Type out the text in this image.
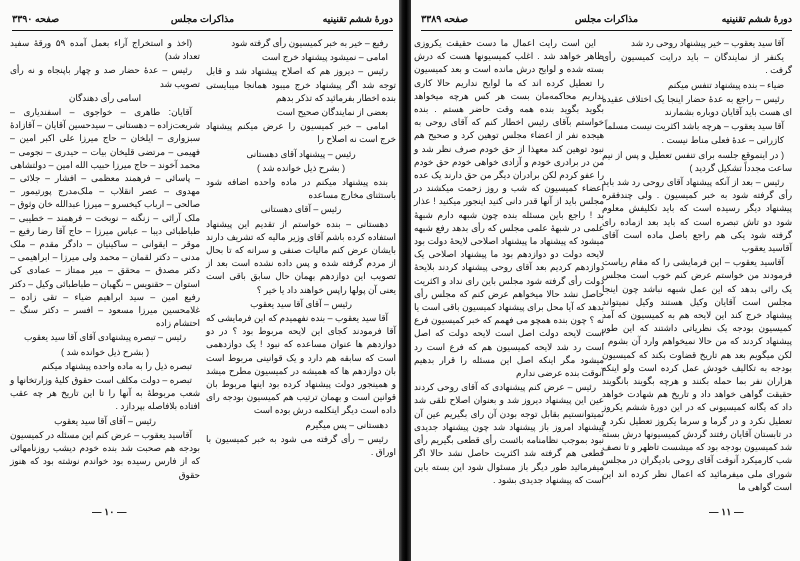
دورهٔ ششم تقنینیه
مذاکرات مجلس
صفحه ۳۳۹۰

رفیع – خیر به خبر کمیسیون رأی گرفته شود

امامی – نمیشود پیشنهاد خرج است

رئیس – دیروز هم که اصلاح پیشنهاد شد و قابل توجه شد اگر پیشنهاد خرج میبود همانجا میبایستی بنده اخطار بفرمائید که تذکر بدهم

بعضی از نمایندگان صحیح است

امامی – خبر کمیسیون را عرض میکنم پیشنهاد خرج است نه اصلاح را

رئیس – پیشنهاد آقای دهستانی

( بشرح ذیل خوانده شد )

بنده پیشنهاد میکنم در ماده واحده اضافه شود باستثنای مخارج مساعده

رئیس – آقای دهستانی

دهستانی – بنده خواستم از تقدیم این پیشنهاد استفاده کرده باشم آقای وزیر مالیه که تشریف دارند بایشان عرض کنم مالیات صنفی و سرانه که تا بحال از مردم گرفته شده و پس داده نشده است بعد از تصویب این دوازدهم بهمان حال سابق باقی است یعنی آن پولها راپس خواهند داد یا خیر ؟

رئیس – آقای آقا سید یعقوب

آقا سید یعقوب – بنده نفهمیدم که این فرمایشی که آقا فرمودند کجای این لایحه مربوط بود ؟ در دو دوازدهم ها عنوان مساعده که نبود ! یک دوازدهمی است که سابقه هم دارد و یک قوانینی مربوط است بان دوازدهم ها که همیشه در کمیسیون مطرح میشد و همینجور دولت پیشنهاد کرده بود اینها مربوط بان قوانین است و بهمان ترتیب هم کمیسیون بودجه رای داده است دیگر اینکلمه درش بوده است

دهستانی – پس میگیرم

رئیس – رأی گرفته می شود به خبر کمیسیون با اوراق .

(اخذ و استخراج آراء بعمل آمده ۵۹ ورقهٔ سفید تعداد شد)

رئیس – عدهٔ حضار صد و چهار باپنجاه و نه رأی تصویب شد

اسامی رأی دهندگان

آقایان: طاهری – خواجوی – اسفندیاری – شریعت‌زاده – دهستانی – سیدحسین آقایان – آقازادهٔ سبزواری – ایلخان – حاج میرزا علی اکبر امین – فهیمی – مرتضی قلیخان بیات – حیدری – نجومی – محمد آخوند – حاج میرزا حبیب الله امین – دولتشاهی – پاسائی – فرهمند معظمی – افشار – جلائی – مهدوی – عصر انقلاب – ملک‌مدرج پورتیمور – صالحی – ارباب کیخسرو – میرزا عبدالله خان وثوق – ملک آرائی – زنگنه – نوبخت – فرهمند – خطیبی – طباطبائی دیبا – عباس میرزا – حاج آقا رضا رفیع – موقر – ایقوانی – ساکینیان – دادگر مقدم – ملک مدنی – دکتر لقمان – محمد ولی میرزا – ابراهیمی – دکتر مصدق – محقق – میر ممتاز – عمادی کی استوان – حقنویس – نگهبان – طباطبائی وکیل – دکتر رفیع امین – سید ابراهیم ضیاء – تقی زاده – غلامحسین میرزا مسعود – افسر – دکتر سنگ – احتشام زاده

رئیس – تبصره پیشنهادی آقای آقا سید یعقوب

( بشرح ذیل خوانده شد )

تبصره ذیل را به ماده واحده پیشنهاد میکنم

تبصره – دولت مکلف است حقوق کلیهٔ وزارتخانها و شعب مربوطهٔ به آنها را تا این تاریخ هر چه عقب افتاده بلافاصله بپردازد .

رئیس – آقای آقا سید یعقوب

آقاسید یعقوب – عرض کنم این مسئله در کمیسیون بودجه هم صحبت شد بنده خودم دیشب روزنامهائی که از فارس رسیده بود خواندم نوشته بود که هنوز حقوق

— ۱۰ —
دورهٔ ششم تقنینیه
مذاکرات مجلس
صفحه ۳۳۸۹

آقا سید یعقوب – خیر پیشنهاد روحی رد شد

یکنفر از نمایندگان – باید درایت کمیسیون رأی گرفت .

ضیاء – بنده پیشنهاد تنفس میکنم

رئیس – راجع به عدهٔ حضار اینجا یک اختلاف عقیده ای هست باید آقایان دوباره بشمارند

آقا سید یعقوب – هرچه باشد اکثریت نیست مسلماً

کازرانی – عدهٔ فعلی مناط نیست .

( در اینموقع جلسه برای تنفس تعطیل و پس از نیم ساعت مجدداً تشکیل گردید )

رئیس – بعد از آنکه پیشنهاد آقای روحی رد شد باید رأی گرفته شود به خبر کمیسیون . ولی چندفقره پیشنهاد دیگر رسیده است که باید تکلیفش معلوم شود دو تاش تبصره است که باید بعد ازماده رای گرفته شود یکی هم راجع باصل ماده است آقای آقاسید یعقوب

آقاسید یعقوب – این فرمایشی را که مقام ریاست فرمودند من خواستم عرض کنم خوب است مجلس یک رائی بدهد که این عمل شبهه نباشد چون اینجا مجلس است آقایان وکیل هستند وکیل نمیتواند پیشنهاد خرج کند این لایحه هم به کمیسیون که آمد کمیسیون بودجه یک نظریاتی داشتند که این طور پیشنهاد کردند که من حالا نمیخواهم وارد آن بشوم . لکن میگویم بعد هم تاریخ قضاوت بکند که کمیسیون بودجه به تکالیف خودش عمل کرده است ولو اینکه هزاران نفر بما حمله بکنند و هرچه بگویند بانگویند حقیقت گواهی خواهد داد و تاریخ هم شهادت خواهد داد که یگانه کمیسیونی که در این دورهٔ ششم یکروز تعطیل نکرد و در گرما و سرما یکروز تعطیل نکرد و در تابستان آقایان رفتند گردش کمیسیونها درش بسته شد کمیسیون بودجه بود که میشست تاظهر و تا نصف شب کارمیکرد آنوقت آقای روحی بادیگران در مجلس شورای ملی میفرمائید که اعمال نظر کرده اند این است گواهی ما

این است رایت اعمال ما دست حقیقت یکروزی ظاهر خواهد شد . اغلب کمیسیونها هست که درش بسته شده و لوایح درش مانده است و بعد کمیسیون را تعطیل کرده اند که ما لوایح نداریم حالا کاری نداریم محاکمه‌مان بست هر کس هرچه میخواهد بگوید بگوید بنده همه وقت حاضر هستم . بنده خواستم بآقای رئیس اخطار کنم که آقای روحی به هیجده نفر از اعضاء مجلس توهین کرد و صحیح هم نبود توهین کند معهذا از حق خودم صرف نظر شد و من در برادری خودم و آزادی خواهی خودم حق خودم را عفو کردم لکن برادران دیگر من حق دارند یک عده اعضاء کمیسیون که شب و روز زحمت میکشند در مجلس باید از آنها قدر دانی کنید اینجور میکنید ! عذار بد ! راجع باین مسئله بنده چون شبهه دارم شبههٔ علمی در شبههٔ علمی مجلس که رأی بدهد رفع شبهه میشود که پیشنهاد ما پیشنهاد اصلاحی لایحهٔ دولت بود لایحه دولت دو دوازدهم بود ما پیشنهاد اصلاحی یک دوازدهم کردیم بعد آقای روحی پیشنهاد کردند بلایحهٔ دولت رأی گرفته شود مجلس باین رای نداد و اکثریت حاصل نشد حالا میخواهم عرض کنم که مجلس رأی بدهد که آیا محل برای پیشنهاد کمیسیون باقی است یا نه ؟ چون بنده همچو می فهمم که خبر کمیسیون فرع است لایحه دولت اصل است لایحه دولت که اصل است رد شد لایحه کمیسیون هم که فرع است رد میشود مگر اینکه اصل این مسئله را قرار بدهیم آنوقت بنده عرضی ندارم

رئیس – عرض کنم پیشنهادی که آقای روحی کردند عین این پیشنهاد دیروز شد و بعنوان اصلاح تلقی شد نمیتوانستیم بقابل توجه بودن آن رای بگیریم عین آن پیشنهاد امروز باز پیشنهاد شد چون پیشنهاد جدیدی نبود بموجب نظامنامه بائست رأی قطعی بگیریم رأی قطعی هم گرفته شد اکثریت حاصل نشد حالا اگر میفرمائید طور دیگر باز مسئوال شود این بسته باین است که پیشنهاد جدیدی بشود .

— ۱۱ —
